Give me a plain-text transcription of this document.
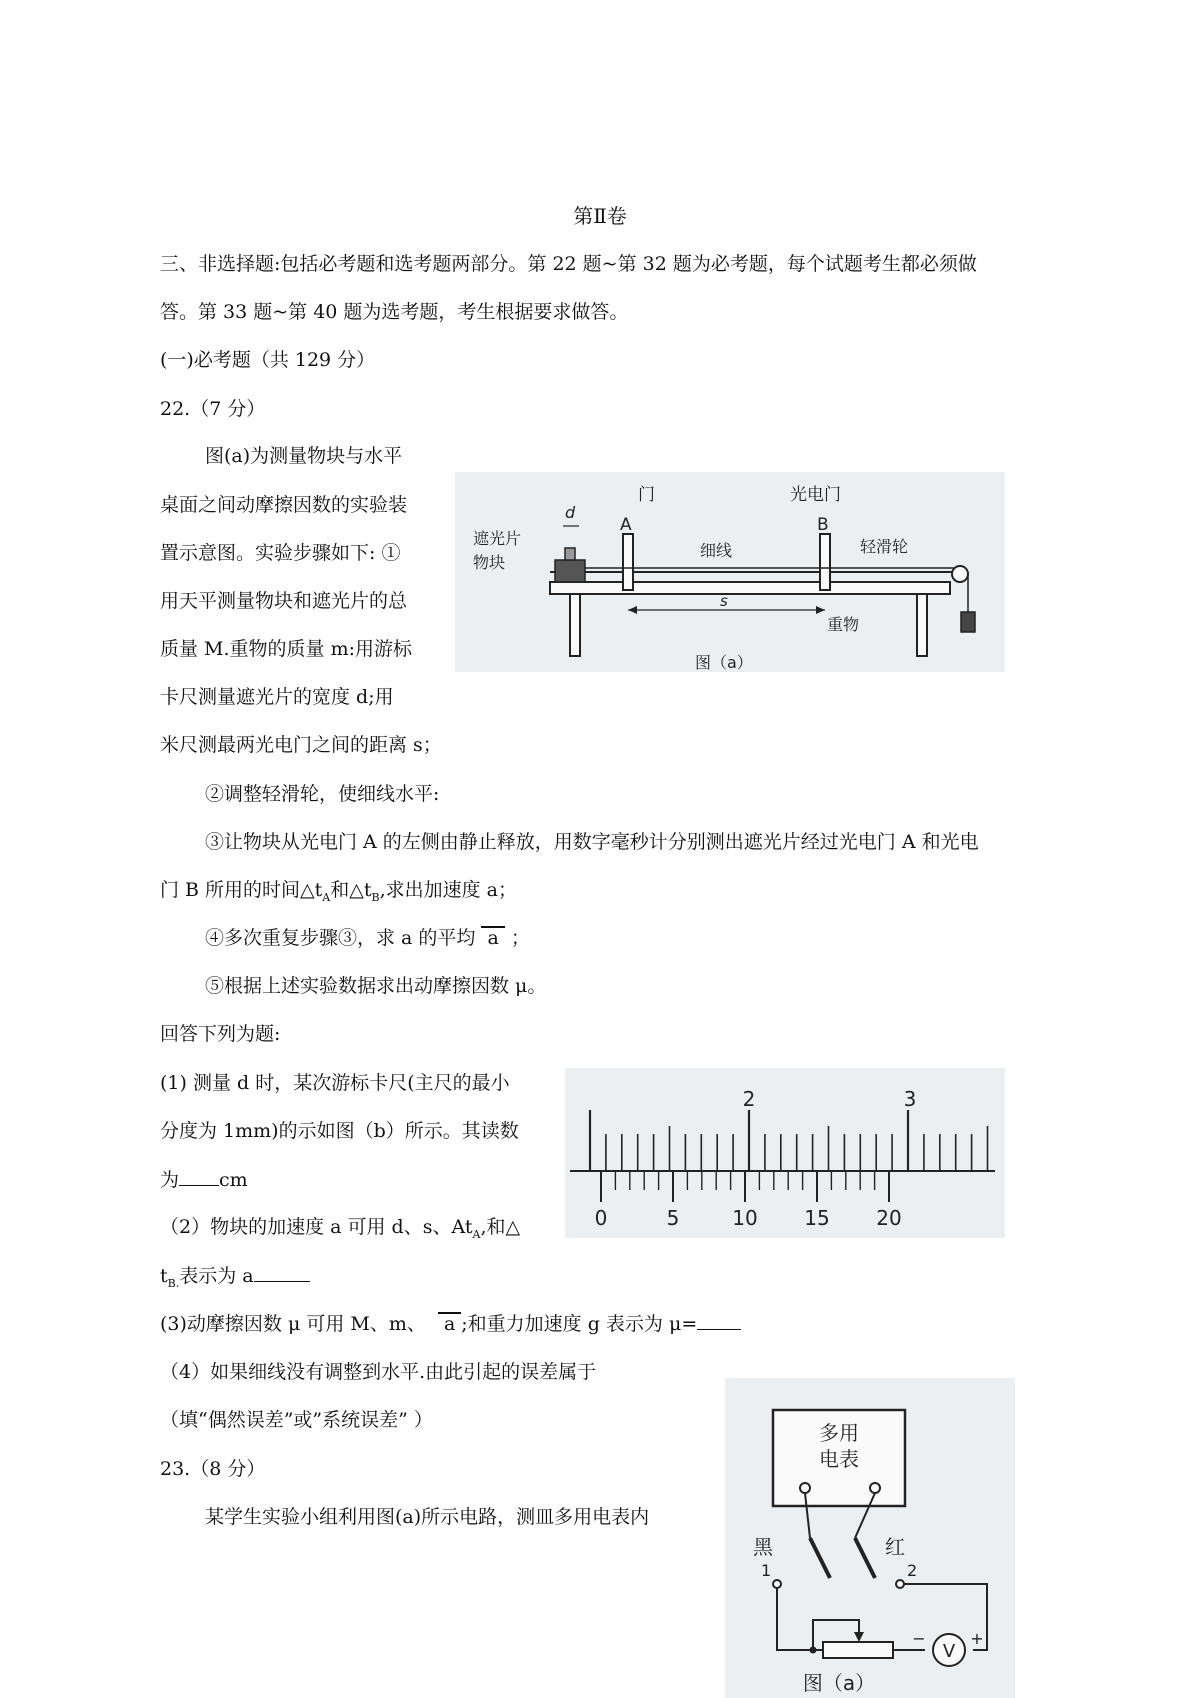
第Ⅱ卷
三、非选择题:包括必考题和选考题两部分。第 22 题~第 32 题为必考题，每个试题考生都必须做
答。第 33 题~第 40 题为选考题，考生根据要求做答。
(一)必考题（共 129 分）
22.（7 分）
图(a)为测量物块与水平
桌面之间动摩擦因数的实验装
置示意图。实验步骤如下: ①
用天平测量物块和遮光片的总
质量 M.重物的质量 m:用游标
卡尺测量遮光片的宽度 d;用
米尺测最两光电门之间的距离 s；
门	光电门
A	B
d
遮光片
物块
细线	轻滑轮
重物
s
图（a）
②调整轻滑轮，使细线水平:
③让物块从光电门 A 的左侧由静止释放，用数字毫秒计分别测出遮光片经过光电门 A 和光电
门 B 所用的时间$\triangle t_A$和$\triangle t_B$,求出加速度 a；
④多次重复步骤③，求 a 的平均 a ；
⑤根据上述实验数据求出动摩擦因数 μ。
回答下列为题:
(1) 测量 d 时，某次游标卡尺(主尺的最小
分度为 1mm)的示如图（b）所示。其读数
为 cm
2	3
0	5	10 15 20
（2）物块的加速度 a 可用 d、s、$At_A$,和△
$t_{B.}$表示为 a
(3)动摩擦因数 μ 可用 M、m、 a ;和重力加速度 g 表示为 μ=
（4）如果细线没有调整到水平.由此引起的误差属于
（填“偶然误差”或”系统误差” ）
23.（8 分）
某学生实验小组利用图(a)所示电路，测皿多用电表内
多用
电表
黑	红
1	2
V
−	+
图（a）
